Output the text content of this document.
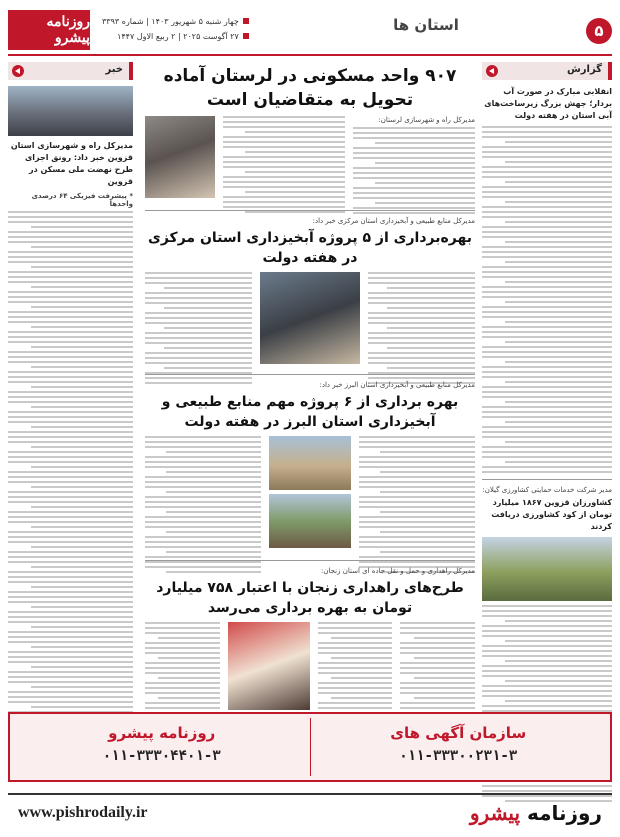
۵
استان ها
روزنامه پیشرو
چهار شنبه ۵ شهریور ۱۴۰۳ | شماره ۳۳۹۳
۲۷ آگوست ۲۰۲۵ | ۲ ربیع الاول ۱۴۴۷
گزارش
انقلابی مبارک در صورت آب بردار؛ جهش بزرگ زیرساخت‌های آبی استان در هفته دولت
مدیر شرکت خدمات حمایتی کشاورزی گیلان:
کشاورزان قزوین ۱۸۶۷ میلیارد تومان از کود کشاورزی دریافت کردند
۹۰۷ واحد مسکونی در لرستان آماده تحویل به متقاضیان است
مدیرکل راه و شهرسازی لرستان:
مدیرکل منابع طبیعی و آبخیزداری استان مرکزی خبر داد:
بهره‌برداری از ۵ پروژه آبخیزداری استان مرکزی در هفته دولت
مدیرکل منابع طبیعی و آبخیزداری استان البرز خبر داد:
بهره برداری از ۶ پروژه مهم منابع طبیعی و آبخیزداری استان البرز در هفته دولت
مدیرکل راهداری و حمل و نقل جاده ای استان زنجان:
طرح‌های راهداری زنجان با اعتبار ۷۵۸ میلیارد تومان به بهره برداری می‌رسد
خبر
مدیرکل راه و شهرسازی استان قزوین خبر داد: رونق اجرای طرح نهضت ملی مسکن در قزوین
* پیشرفت فیزیکی ۶۴ درصدی واحدها
سازمان آگهی های
۰۱۱-۳۳۳۰۰۲۳۱-۳
روزنامه پیشرو
۰۱۱-۳۳۳۰۴۴۰۱-۳
روزنامه پیشرو
www.pishrodaily.ir
